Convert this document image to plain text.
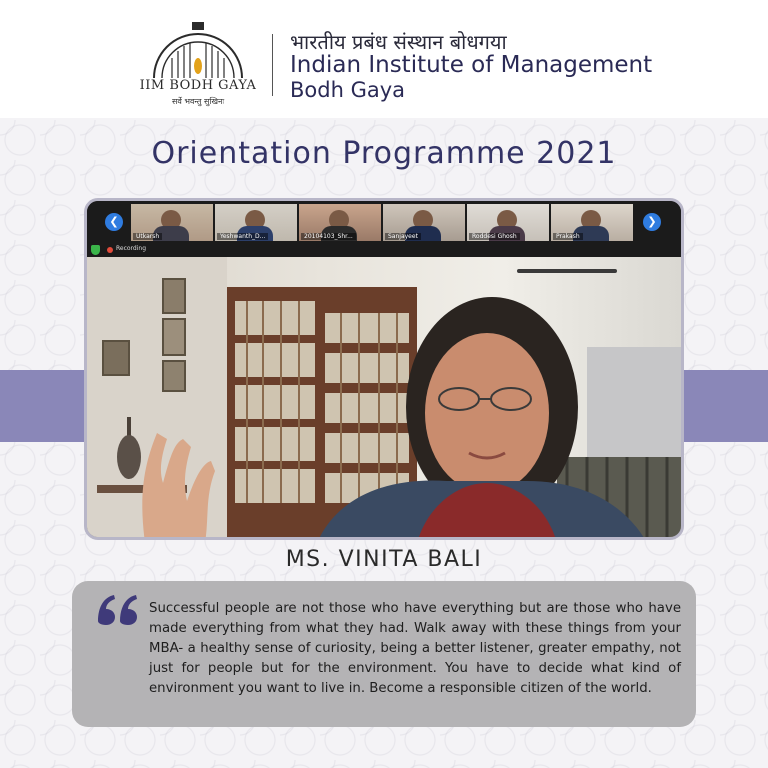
IIM BODH GAYA
सर्वे भवन्तु सुखिनः
भारतीय प्रबंध संस्थान बोधगया
Indian Institute of Management
Bodh Gaya
Orientation Programme 2021
❮
Utkarsh	Yeshwanth_D...	20104103_Shr...	Sanjayeet	Roddesi Ghosh	Prakash
❯
Recording
MS. VINITA BALI
Successful people are not those who have everything but are those who have made everything from what they had. Walk away with these things from your MBA- a healthy sense of curiosity, being a better listener, greater empathy, not just for people but for the environment. You have to decide what kind of environment you want to live in. Become a responsible citizen of the world.
